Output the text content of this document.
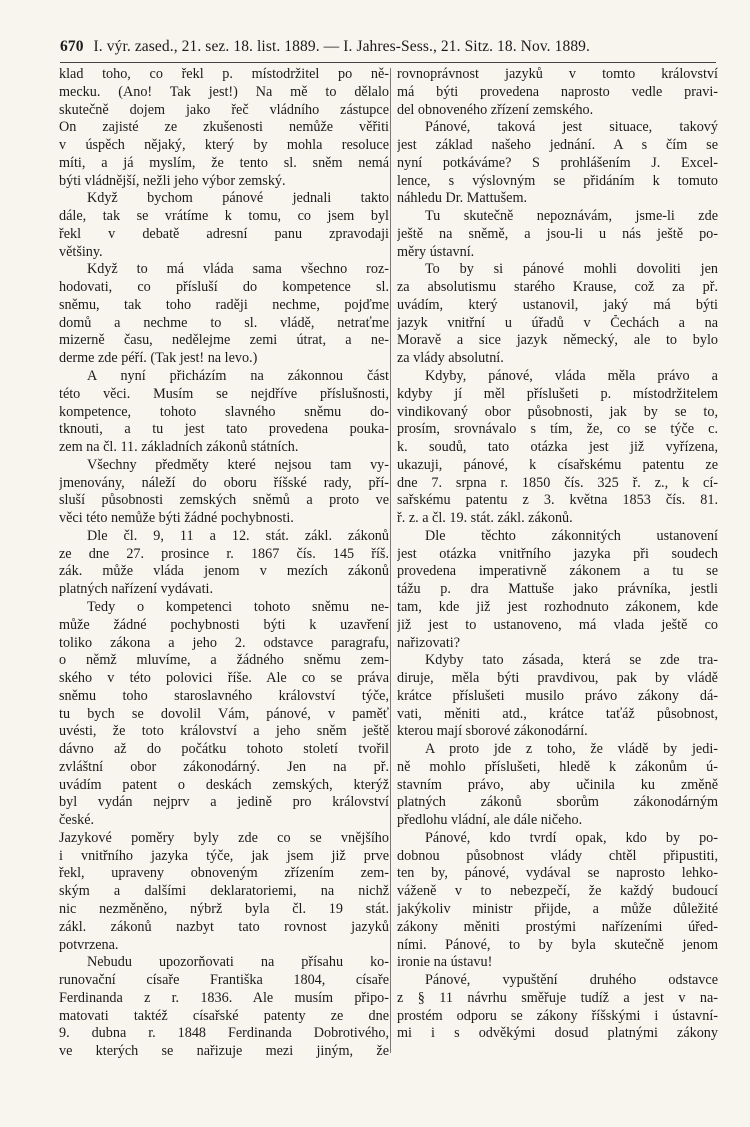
670 I. výr. zased., 21. sez. 18. list. 1889. — I. Jahres-Sess., 21. Sitz. 18. Nov. 1889.
klad toho, co řekl p. místodržitel po ně-
mecku. (Ano! Tak jest!) Na mě to dělalo
skutečně dojem jako řeč vládního zástupce
On zajisté ze zkušenosti nemůže věřiti
v úspěch nějaký, který by mohla resoluce
míti, a já myslím, že tento sl. sněm nemá
býti vládnější, nežli jeho výbor zemský.
Když bychom pánové jednali takto
dále, tak se vrátíme k tomu, co jsem byl
řekl v debatě adresní panu zpravodaji
většiny.
Když to má vláda sama všechno roz-
hodovati, co přísluší do kompetence sl.
sněmu, tak toho raději nechme, pojďme
domů a nechme to sl. vládě, netraťme
mizerně času, nedělejme zemi útrat, a ne-
derme zde péří. (Tak jest! na levo.)
A nyní přicházím na zákonnou část
této věci. Musím se nejdříve příslušnosti,
kompetence, tohoto slavného sněmu do-
tknouti, a tu jest tato provedena pouka-
zem na čl. 11. základních zákonů státních.
Všechny předměty které nejsou tam vy-
jmenovány, náleží do oboru říšské rady, pří-
sluší působnosti zemských sněmů a proto ve
věci této nemůže býti žádné pochybnosti.
Dle čl. 9, 11 a 12. stát. zákl. zákonů
ze dne 27. prosince r. 1867 čís. 145 říš.
zák. může vláda jenom v mezích zákonů
platných nařízení vydávati.
Tedy o kompetenci tohoto sněmu ne-
může žádné pochybnosti býti k uzavření
toliko zákona a jeho 2. odstavce paragrafu,
o němž mluvíme, a žádného sněmu zem-
ského v této polovici říše. Ale co se práva
sněmu toho staroslavného království týče,
tu bych se dovolil Vám, pánové, v paměť
uvésti, že toto království a jeho sněm ještě
dávno až do počátku tohoto století tvořil
zvláštní obor zákonodárný. Jen na př.
uvádím patent o deskách zemských, kterýž
byl vydán nejprv a jedině pro království
české.
Jazykové poměry byly zde co se vnějšího
i vnitřního jazyka týče, jak jsem již prve
řekl, upraveny obnoveným zřízením zem-
ským a dalšími deklaratoriemi, na nichž
nic nezměněno, nýbrž byla čl. 19 stát.
zákl. zákonů nazbyt tato rovnost jazyků
potvrzena.
Nebudu upozorňovati na přísahu ko-
runovační císaře Františka 1804, císaře
Ferdinanda z r. 1836. Ale musím připo-
matovati taktéž císařské patenty ze dne
9. dubna r. 1848 Ferdinanda Dobrotivého,
ve kterých se nařizuje mezi jiným, že
rovnoprávnost jazyků v tomto království
má býti provedena naprosto vedle pravi-
del obnoveného zřízení zemského.
Pánové, taková jest situace, takový
jest základ našeho jednání. A s čím se
nyní potkáváme? S prohlášením J. Excel-
lence, s výslovným se přidáním k tomuto
náhledu Dr. Mattušem.
Tu skutečně nepoznávám, jsme-li zde
ještě na sněmě, a jsou-li u nás ještě po-
měry ústavní.
To by si pánové mohli dovoliti jen
za absolutismu starého Krause, což za př.
uvádím, který ustanovil, jaký má býti
jazyk vnitřní u úřadů v Čechách a na
Moravě a sice jazyk německý, ale to bylo
za vlády absolutní.
Kdyby, pánové, vláda měla právo a
kdyby jí měl příslušeti p. místodržitelem
vindikovaný obor působnosti, jak by se to,
prosím, srovnávalo s tím, že, co se týče c.
k. soudů, tato otázka jest již vyřízena,
ukazuji, pánové, k císařskému patentu ze
dne 7. srpna r. 1850 čís. 325 ř. z., k cí-
sařskému patentu z 3. května 1853 čís. 81.
ř. z. a čl. 19. stát. zákl. zákonů.
Dle těchto zákonnitých ustanovení
jest otázka vnitřního jazyka při soudech
provedena imperativně zákonem a tu se
tážu p. dra Mattuše jako právníka, jestli
tam, kde již jest rozhodnuto zákonem, kde
již jest to ustanoveno, má vlada ještě co
nařizovati?
Kdyby tato zásada, která se zde tra-
diruje, měla býti pravdivou, pak by vládě
krátce příslušeti musilo právo zákony dá-
vati, měniti atd., krátce taťáž působnost,
kterou mají sborové zákonodární.
A proto jde z toho, že vládě by jedi-
ně mohlo příslušeti, hledě k zákonům ú-
stavním právo, aby učinila ku změně
platných zákonů sborům zákonodárným
předlohu vládní, ale dále ničeho.
Pánové, kdo tvrdí opak, kdo by po-
dobnou působnost vlády chtěl připustiti,
ten by, pánové, vydával se naprosto lehko-
váženě v to nebezpečí, že každý budoucí
jakýkoliv ministr přijde, a může důležité
zákony měniti prostými nařízeními úřed-
ními. Pánové, to by byla skutečně jenom
ironie na ústavu!
Pánové, vypuštění druhého odstavce
z § 11 návrhu směřuje tudíž a jest v na-
prostém odporu se zákony říšskými i ústavní-
mi i s odvěkými dosud platnými zákony
